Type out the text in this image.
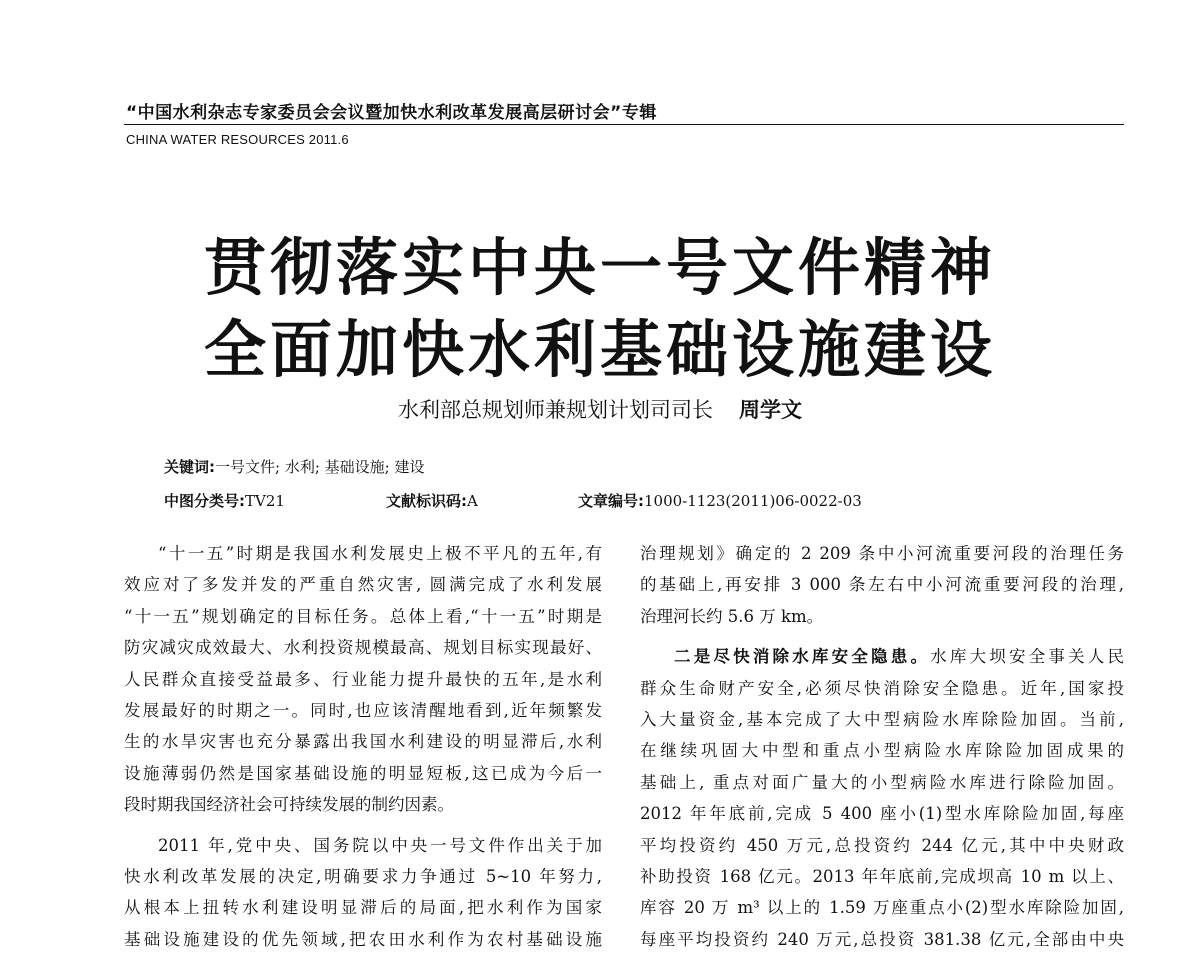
“中国水利杂志专家委员会会议暨加快水利改革发展高层研讨会”专辑
CHINA WATER RESOURCES 2011.6
贯彻落实中央一号文件精神
全面加快水利基础设施建设
水利部总规划师兼规划计划司司长 周学文
关键词:一号文件; 水利; 基础设施; 建设
中图分类号:TV21	文献标识码:A	文章编号:1000-1123(2011)06-0022-03
“十一五”时期是我国水利发展史上极不平凡的五年,有
效应对了多发并发的严重自然灾害, 圆满完成了水利发展
“十一五”规划确定的目标任务。总体上看,“十一五”时期是
防灾减灾成效最大、水利投资规模最高、规划目标实现最好、
人民群众直接受益最多、行业能力提升最快的五年,是水利
发展最好的时期之一。同时,也应该清醒地看到,近年频繁发
生的水旱灾害也充分暴露出我国水利建设的明显滞后,水利
设施薄弱仍然是国家基础设施的明显短板,这已成为今后一
段时期我国经济社会可持续发展的制约因素。
2011 年,党中央、国务院以中央一号文件作出关于加
快水利改革发展的决定,明确要求力争通过 5~10 年努力,
从根本上扭转水利建设明显滞后的局面,把水利作为国家
基础设施建设的优先领域,把农田水利作为农村基础设施
治理规划》确定的 2 209 条中小河流重要河段的治理任务
的基础上,再安排 3 000 条左右中小河流重要河段的治理,
治理河长约 5.6 万 km。
二是尽快消除水库安全隐患。水库大坝安全事关人民
群众生命财产安全,必须尽快消除安全隐患。近年,国家投
入大量资金,基本完成了大中型病险水库除险加固。当前,
在继续巩固大中型和重点小型病险水库除险加固成果的
基础上, 重点对面广量大的小型病险水库进行除险加固。
2012 年年底前,完成 5 400 座小(1)型水库除险加固,每座
平均投资约 450 万元,总投资约 244 亿元,其中中央财政
补助投资 168 亿元。2013 年年底前,完成坝高 10 m 以上、
库容 20 万 m³ 以上的 1.59 万座重点小(2)型水库除险加固,
每座平均投资约 240 万元,总投资 381.38 亿元,全部由中央
